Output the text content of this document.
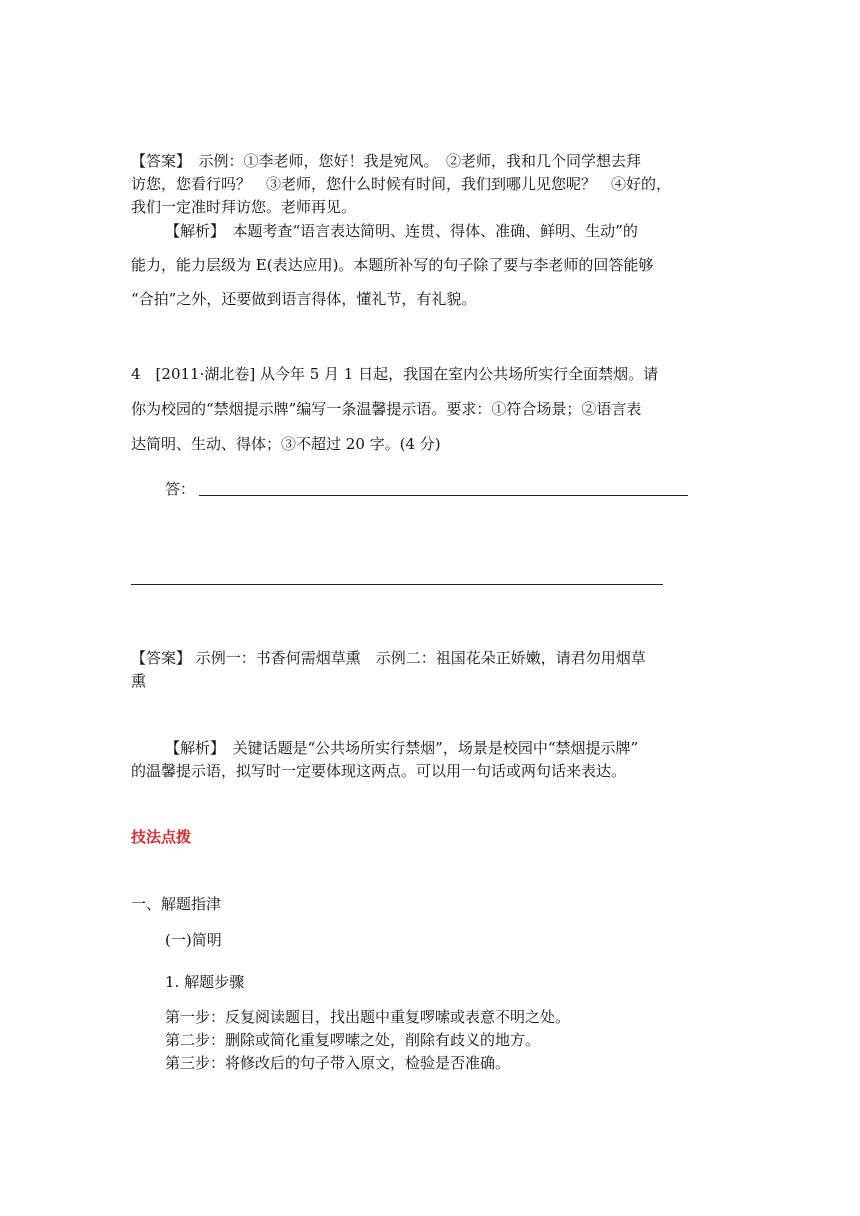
【答案】　示例：①李老师，您好！我是宛风。　②老师，我和几个同学想去拜

访您，您看行吗？　③老师，您什么时候有时间，我们到哪儿见您呢？　④好的，

我们一定准时拜访您。老师再见。

【解析】　本题考查“语言表达简明、连贯、得体、准确、鲜明、生动”的

能力，能力层级为 E(表达应用)。本题所补写的句子除了要与李老师的回答能够

“合拍”之外，还要做到语言得体，懂礼节，有礼貌。

4　[2011·湖北卷] 从今年 5 月 1 日起，我国在室内公共场所实行全面禁烟。请

你为校园的“禁烟提示牌”编写一条温馨提示语。要求：①符合场景；②语言表

达简明、生动、得体；③不超过 20 字。(4 分)

答：

【答案】 示例一：书香何需烟草熏　示例二：祖国花朵正娇嫩，请君勿用烟草

熏

【解析】　关键话题是“公共场所实行禁烟”，场景是校园中“禁烟提示牌”

的温馨提示语，拟写时一定要体现这两点。可以用一句话或两句话来表达。

技法点拨

一、解题指津

(一)简明

1. 解题步骤

第一步：反复阅读题目，找出题中重复啰嗦或表意不明之处。

第二步：删除或简化重复啰嗦之处，削除有歧义的地方。

第三步：将修改后的句子带入原文，检验是否准确。
